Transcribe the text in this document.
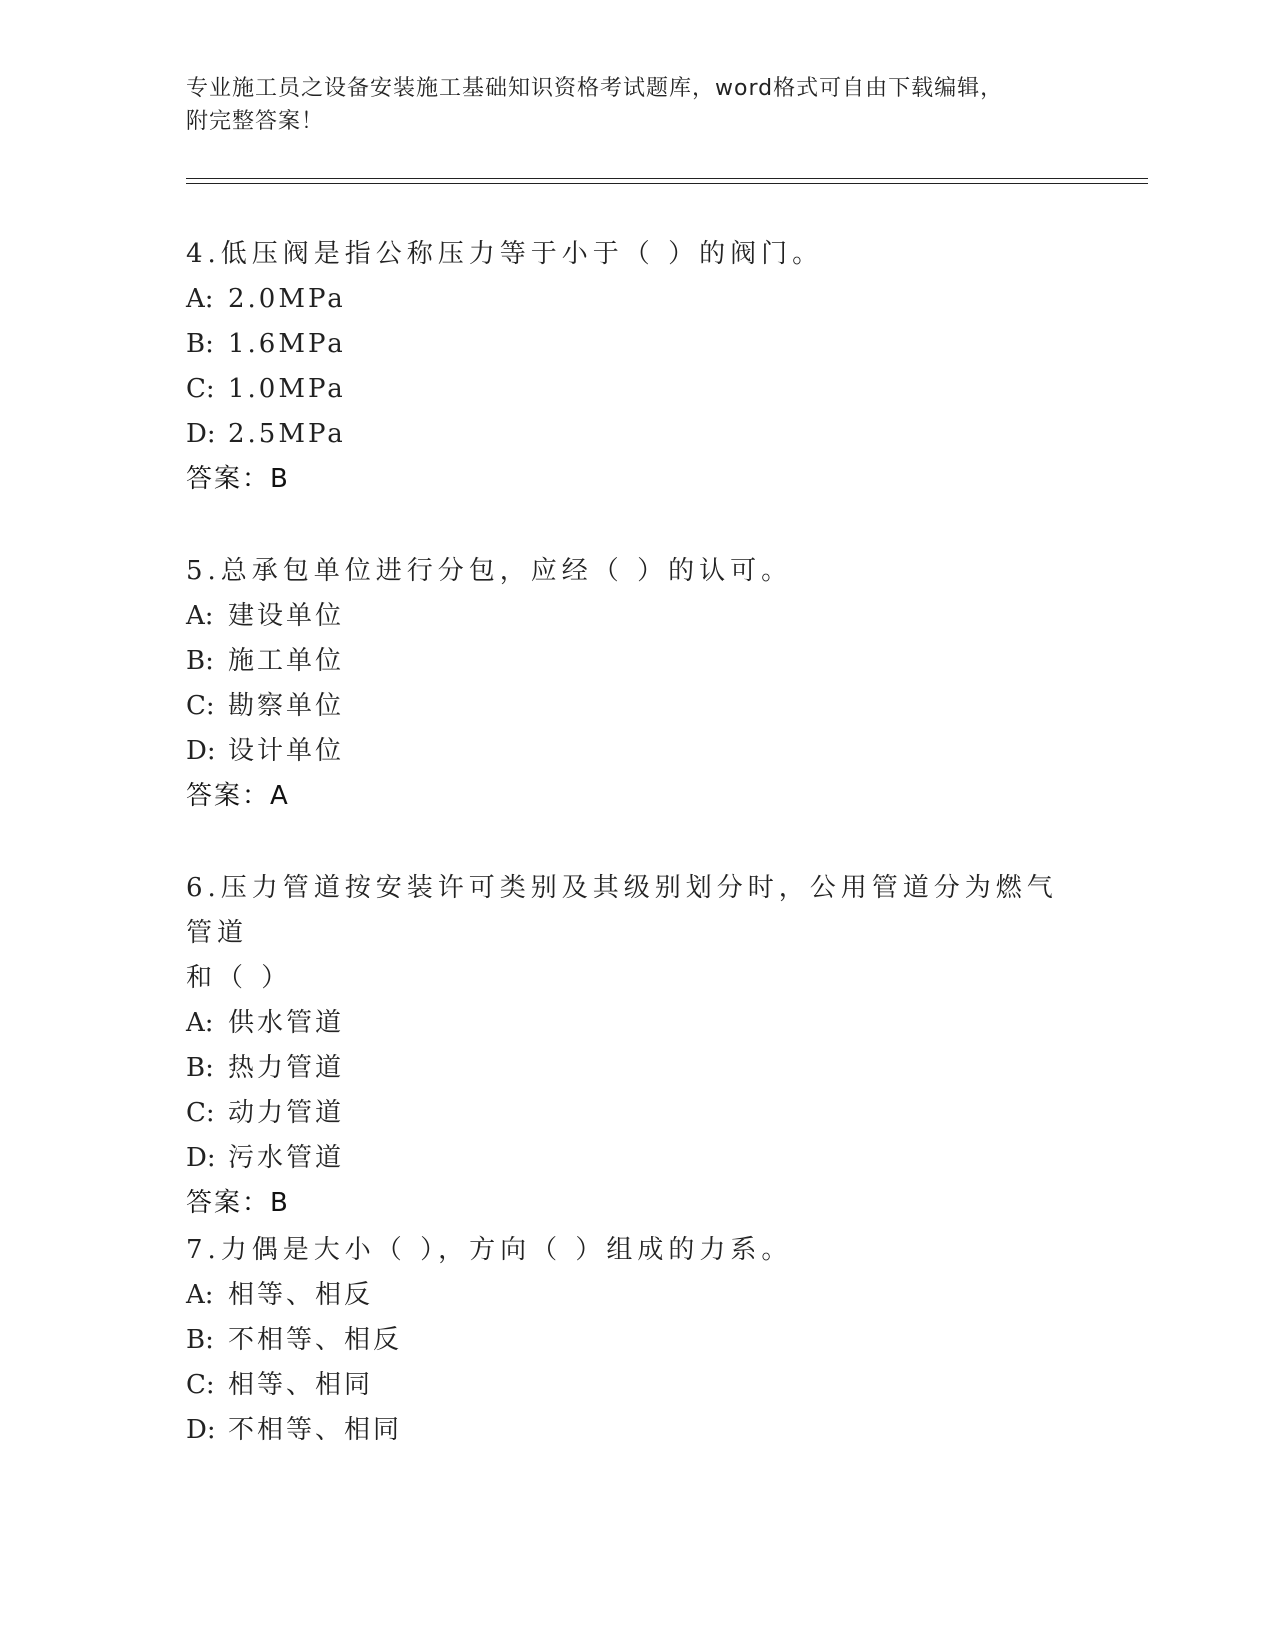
专业施工员之设备安装施工基础知识资格考试题库，word格式可自由下载编辑，
附完整答案！

4.低压阀是指公称压力等于小于（ ）的阀门。

A: 2.0MPa

B: 1.6MPa

C: 1.0MPa

D: 2.5MPa

答案：B

5.总承包单位进行分包，应经（ ）的认可。

A: 建设单位

B: 施工单位

C: 勘察单位

D: 设计单位

答案：A

6.压力管道按安装许可类别及其级别划分时，公用管道分为燃气管道

和（ ）

A: 供水管道

B: 热力管道

C: 动力管道

D: 污水管道

答案：B

7.力偶是大小（ ），方向（ ）组成的力系。

A: 相等、相反

B: 不相等、相反

C: 相等、相同

D: 不相等、相同
